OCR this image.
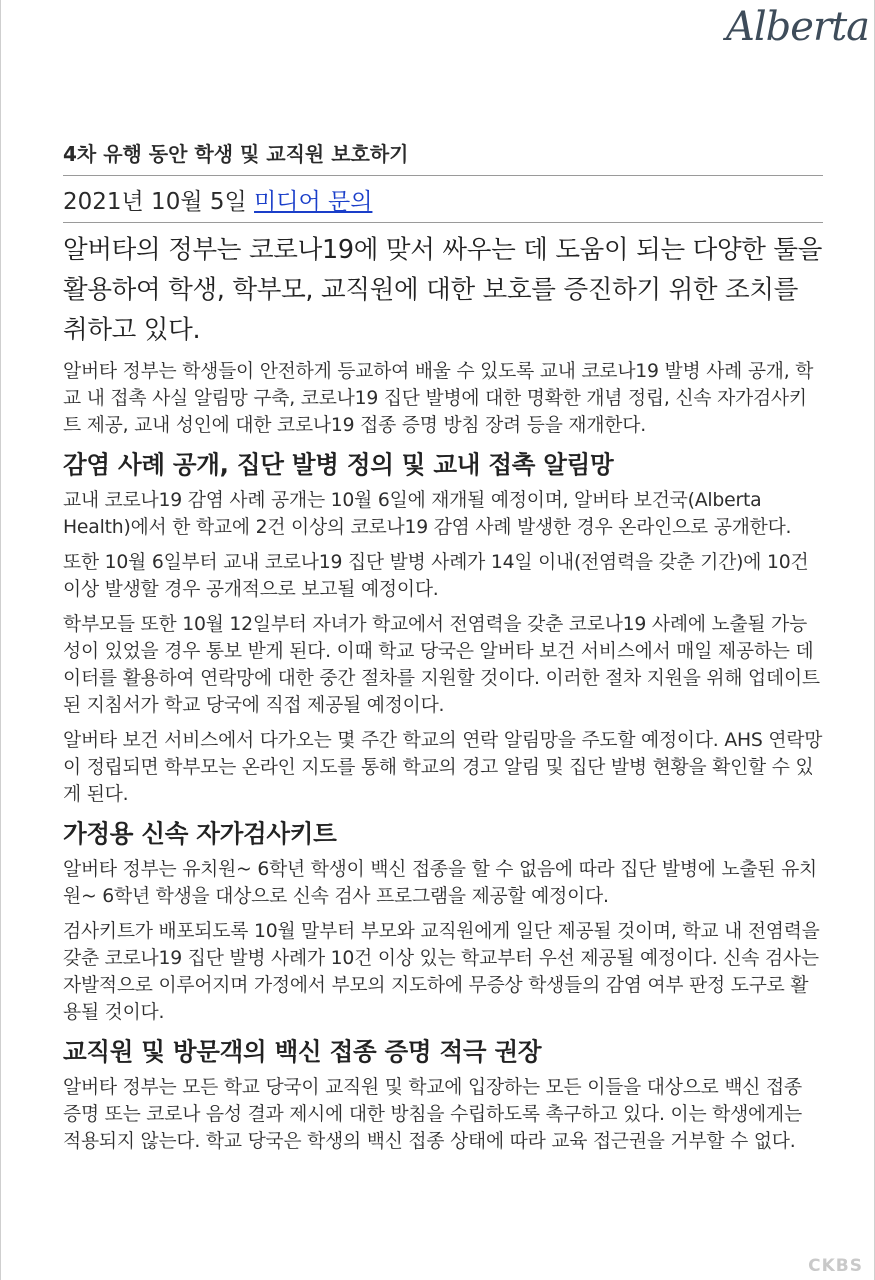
Alberta
4차 유행 동안 학생 및 교직원 보호하기
2021년 10월 5일 미디어 문의

알버타의 정부는 코로나19에 맞서 싸우는 데 도움이 되는 다양한 툴을 활용하여 학생, 학부모, 교직원에 대한 보호를 증진하기 위한 조치를 취하고 있다.

알버타 정부는 학생들이 안전하게 등교하여 배울 수 있도록 교내 코로나19 발병 사례 공개, 학교 내 접촉 사실 알림망 구축, 코로나19 집단 발병에 대한 명확한 개념 정립, 신속 자가검사키트 제공, 교내 성인에 대한 코로나19 접종 증명 방침 장려 등을 재개한다.

감염 사례 공개, 집단 발병 정의 및 교내 접촉 알림망

교내 코로나19 감염 사례 공개는 10월 6일에 재개될 예정이며, 알버타 보건국(Alberta Health)에서 한 학교에 2건 이상의 코로나19 감염 사례 발생한 경우 온라인으로 공개한다.

또한 10월 6일부터 교내 코로나19 집단 발병 사례가 14일 이내(전염력을 갖춘 기간)에 10건 이상 발생할 경우 공개적으로 보고될 예정이다.

학부모들 또한 10월 12일부터 자녀가 학교에서 전염력을 갖춘 코로나19 사례에 노출될 가능성이 있었을 경우 통보 받게 된다. 이때 학교 당국은 알버타 보건 서비스에서 매일 제공하는 데이터를 활용하여 연락망에 대한 중간 절차를 지원할 것이다. 이러한 절차 지원을 위해 업데이트된 지침서가 학교 당국에 직접 제공될 예정이다.

알버타 보건 서비스에서 다가오는 몇 주간 학교의 연락 알림망을 주도할 예정이다. AHS 연락망이 정립되면 학부모는 온라인 지도를 통해 학교의 경고 알림 및 집단 발병 현황을 확인할 수 있게 된다.

가정용 신속 자가검사키트

알버타 정부는 유치원~ 6학년 학생이 백신 접종을 할 수 없음에 따라 집단 발병에 노출된 유치원~ 6학년 학생을 대상으로 신속 검사 프로그램을 제공할 예정이다.

검사키트가 배포되도록 10월 말부터 부모와 교직원에게 일단 제공될 것이며, 학교 내 전염력을 갖춘 코로나19 집단 발병 사례가 10건 이상 있는 학교부터 우선 제공될 예정이다. 신속 검사는 자발적으로 이루어지며 가정에서 부모의 지도하에 무증상 학생들의 감염 여부 판정 도구로 활용될 것이다.

교직원 및 방문객의 백신 접종 증명 적극 권장

알버타 정부는 모든 학교 당국이 교직원 및 학교에 입장하는 모든 이들을 대상으로 백신 접종 증명 또는 코로나 음성 결과 제시에 대한 방침을 수립하도록 촉구하고 있다. 이는 학생에게는 적용되지 않는다. 학교 당국은 학생의 백신 접종 상태에 따라 교육 접근권을 거부할 수 없다.

CKBS
